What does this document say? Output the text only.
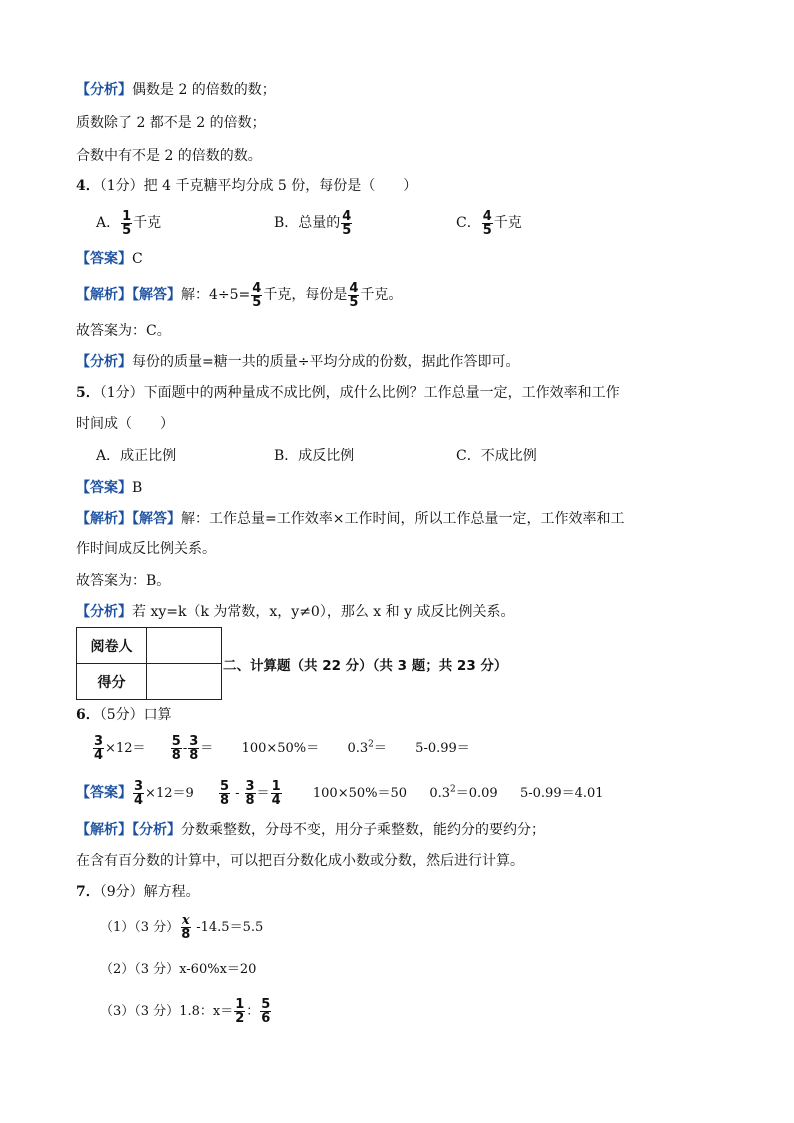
【分析】偶数是 2 的倍数的数；
质数除了 2 都不是 2 的倍数；
合数中有不是 2 的倍数的数。
4．（1分）把 4 千克糖平均分成 5 份，每份是（　　）
A． $\frac{1}{5}$ 千克	B．总量的 $\frac{4}{5}$	C． $\frac{4}{5}$ 千克
【答案】C
【解析】【解答】解：$4\div 5= \frac{4}{5}$ 千克，每份是 $\frac{4}{5}$ 千克。
故答案为：C。
【分析】每份的质量=糖一共的质量÷平均分成的份数，据此作答即可。
5．（1分）下面题中的两种量成不成比例，成什么比例？工作总量一定，工作效率和工作
时间成（　　）
A．成正比例	B．成反比例	C．不成比例
【答案】B
【解析】【解答】解：工作总量=工作效率×工作时间，所以工作总量一定，工作效率和工
作时间成反比例关系。
故答案为：B。
【分析】若 xy=k（k 为常数，x，y≠0），那么 x 和 y 成反比例关系。
阅卷人	
得分	
二、计算题（共 22 分）（共 3 题；共 23 分）
6．（5分）口算
$\frac{3}{4} \times 12= \frac{5}{8} - \frac{3}{8} = 100\times 50\%= 0.3^2= 5-0.99=$
【答案】 $\frac{3}{4} \times 12=9 \frac{5}{8} - \frac{3}{8} = \frac{1}{4} 100\times 50\%=50$ $0.3^2=0.09$ 5-0.99＝4.01
【解析】【分析】分数乘整数，分母不变，用分子乘整数，能约分的要约分；
在含有百分数的计算中，可以把百分数化成小数或分数，然后进行计算。
7．（9分）解方程。
（1）（3 分） $\frac{x}{8} -14.5=5.5$
（2）（3 分）x-60%x＝20
（3）（3 分）1.8：$x= \frac{1}{2}$ ： $\frac{5}{6}$
